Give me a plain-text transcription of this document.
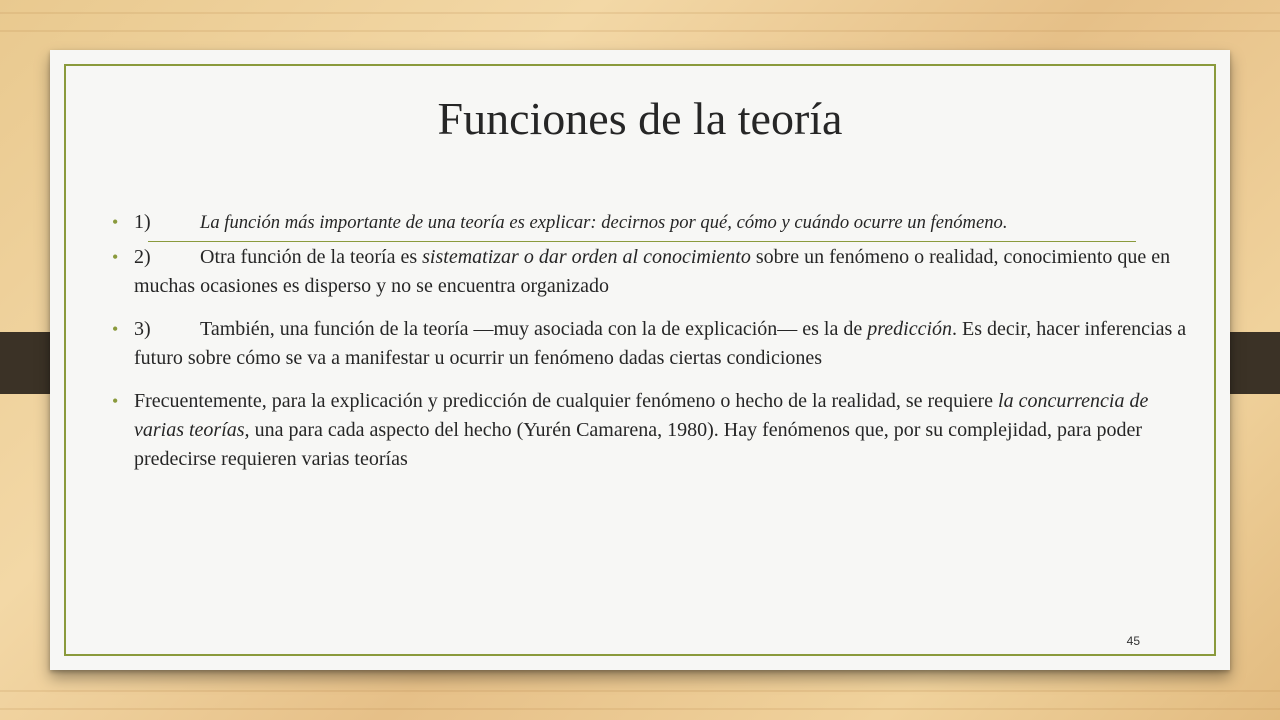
Funciones de la teoría
• 1)	La función más importante de una teoría es explicar: decirnos por qué, cómo y cuándo ocurre un fenómeno.
• 2) Otra función de la teoría es sistematizar o dar orden al conocimiento sobre un fenómeno o realidad, conocimiento que en muchas ocasiones es disperso y no se encuentra organizado
• 3) También, una función de la teoría —muy asociada con la de explicación— es la de predicción. Es decir, hacer inferencias a futuro sobre cómo se va a manifestar u ocurrir un fenómeno dadas ciertas condiciones
• Frecuentemente, para la explicación y predicción de cualquier fenómeno o hecho de la realidad, se requiere la concurrencia de varias teorías, una para cada aspecto del hecho (Yurén Camarena, 1980). Hay fenómenos que, por su complejidad, para poder predecirse requieren varias teorías
45
